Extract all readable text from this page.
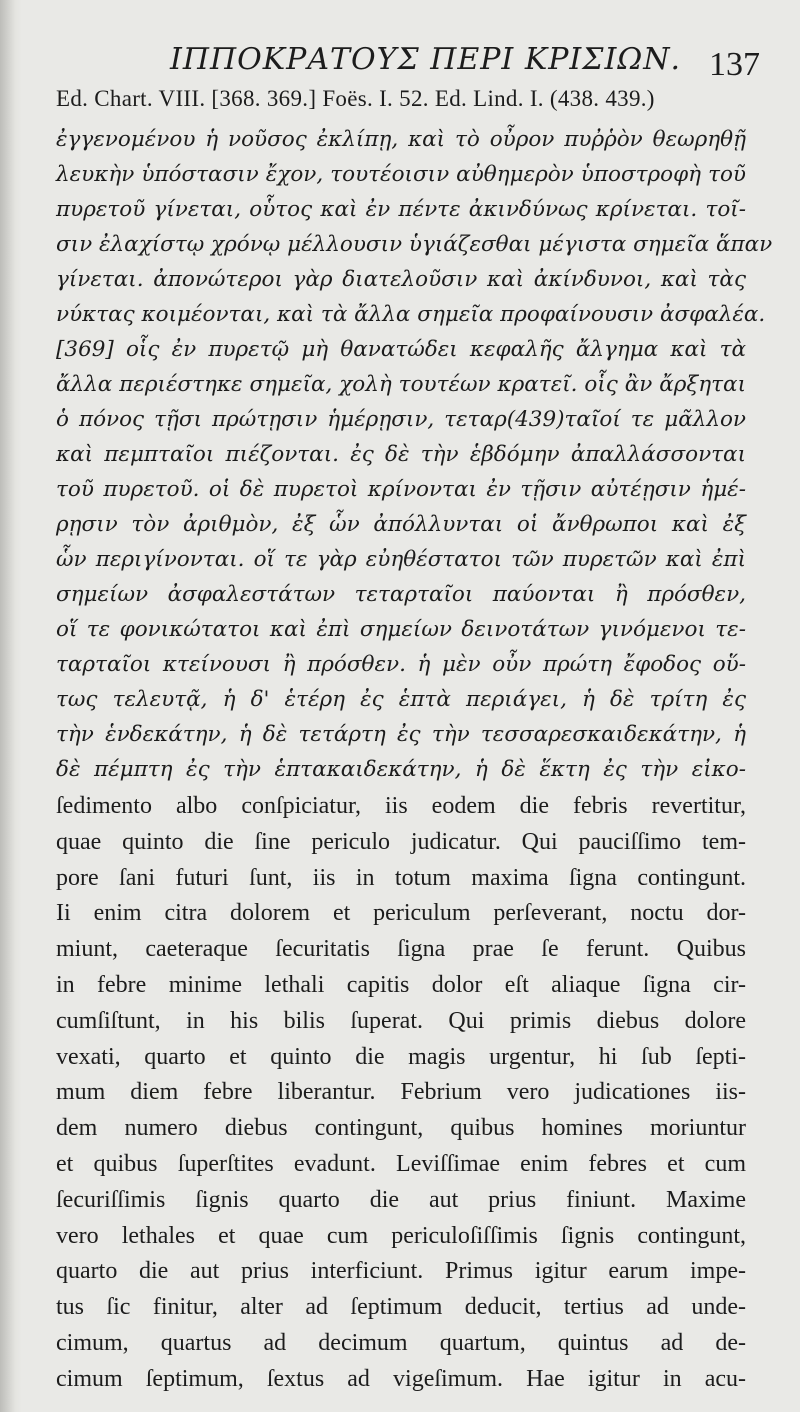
ΙΠΠΟΚΡΑΤΟΥΣ ΠΕΡΙ ΚΡΙΣΙΩΝ. 137
Ed. Chart. VIII. [368. 369.] Foës. I. 52. Ed. Lind. I. (438. 439.)
ἐγγενομένου ἡ νοῦσος ἐκλίπῃ, καὶ τὸ οὖρον πυῤῥὸν θεωρηθῇ
λευκὴν ὑπόστασιν ἔχον, τουτέοισιν αὐθημερὸν ὑποστροφὴ τοῦ
πυρετοῦ γίνεται, οὗτος καὶ ἐν πέντε ἀκινδύνως κρίνεται. τοῖ-
σιν ἐλαχίστῳ χρόνῳ μέλλουσιν ὑγιάζεσθαι μέγιστα σημεῖα ἅπαν
γίνεται. ἀπονώτεροι γὰρ διατελοῦσιν καὶ ἀκίνδυνοι, καὶ τὰς
νύκτας κοιμέονται, καὶ τὰ ἄλλα σημεῖα προφαίνουσιν ἀσφαλέα.
[369] οἷς ἐν πυρετῷ μὴ θανατώδει κεφαλῆς ἄλγημα καὶ τὰ
ἄλλα περιέστηκε σημεῖα, χολὴ τουτέων κρατεῖ. οἷς ἂν ἄρξηται
ὁ πόνος τῇσι πρώτῃσιν ἡμέρῃσιν, τεταρ(439)ταῖοί τε μᾶλλον
καὶ πεμπταῖοι πιέζονται. ἐς δὲ τὴν ἑβδόμην ἀπαλλάσσονται
τοῦ πυρετοῦ. οἱ δὲ πυρετοὶ κρίνονται ἐν τῇσιν αὐτέῃσιν ἡμέ-
ρῃσιν τὸν ἀριθμὸν, ἐξ ὧν ἀπόλλυνται οἱ ἄνθρωποι καὶ ἐξ
ὧν περιγίνονται. οἵ τε γὰρ εὐηθέστατοι τῶν πυρετῶν καὶ ἐπὶ
σημείων ἀσφαλεστάτων τεταρταῖοι παύονται ἢ πρόσθεν,
οἵ τε φονικώτατοι καὶ ἐπὶ σημείων δεινοτάτων γινόμενοι τε-
ταρταῖοι κτείνουσι ἢ πρόσθεν. ἡ μὲν οὖν πρώτη ἔφοδος οὕ-
τως τελευτᾷ, ἡ δ' ἑτέρη ἐς ἑπτὰ περιάγει, ἡ δὲ τρίτη ἐς
τὴν ἑνδεκάτην, ἡ δὲ τετάρτη ἐς τὴν τεσσαρεσκαιδεκάτην, ἡ
δὲ πέμπτη ἐς τὴν ἑπτακαιδεκάτην, ἡ δὲ ἕκτη ἐς τὴν εἰκο-
ſedimento albo conſpiciatur, iis eodem die febris revertitur,
quae quinto die ſine periculo judicatur. Qui pauciſſimo tem-
pore ſani futuri ſunt, iis in totum maxima ſigna contingunt.
Ii enim citra dolorem et periculum perſeverant, noctu dor-
miunt, caeteraque ſecuritatis ſigna prae ſe ferunt. Quibus
in febre minime lethali capitis dolor eſt aliaque ſigna cir-
cumſiſtunt, in his bilis ſuperat. Qui primis diebus dolore
vexati, quarto et quinto die magis urgentur, hi ſub ſepti-
mum diem febre liberantur. Febrium vero judicationes iis-
dem numero diebus contingunt, quibus homines moriuntur
et quibus ſuperſtites evadunt. Leviſſimae enim febres et cum
ſecuriſſimis ſignis quarto die aut prius finiunt. Maxime
vero lethales et quae cum periculoſiſſimis ſignis contingunt,
quarto die aut prius interficiunt. Primus igitur earum impe-
tus ſic finitur, alter ad ſeptimum deducit, tertius ad unde-
cimum, quartus ad decimum quartum, quintus ad de-
cimum ſeptimum, ſextus ad vigeſimum. Hae igitur in acu-
